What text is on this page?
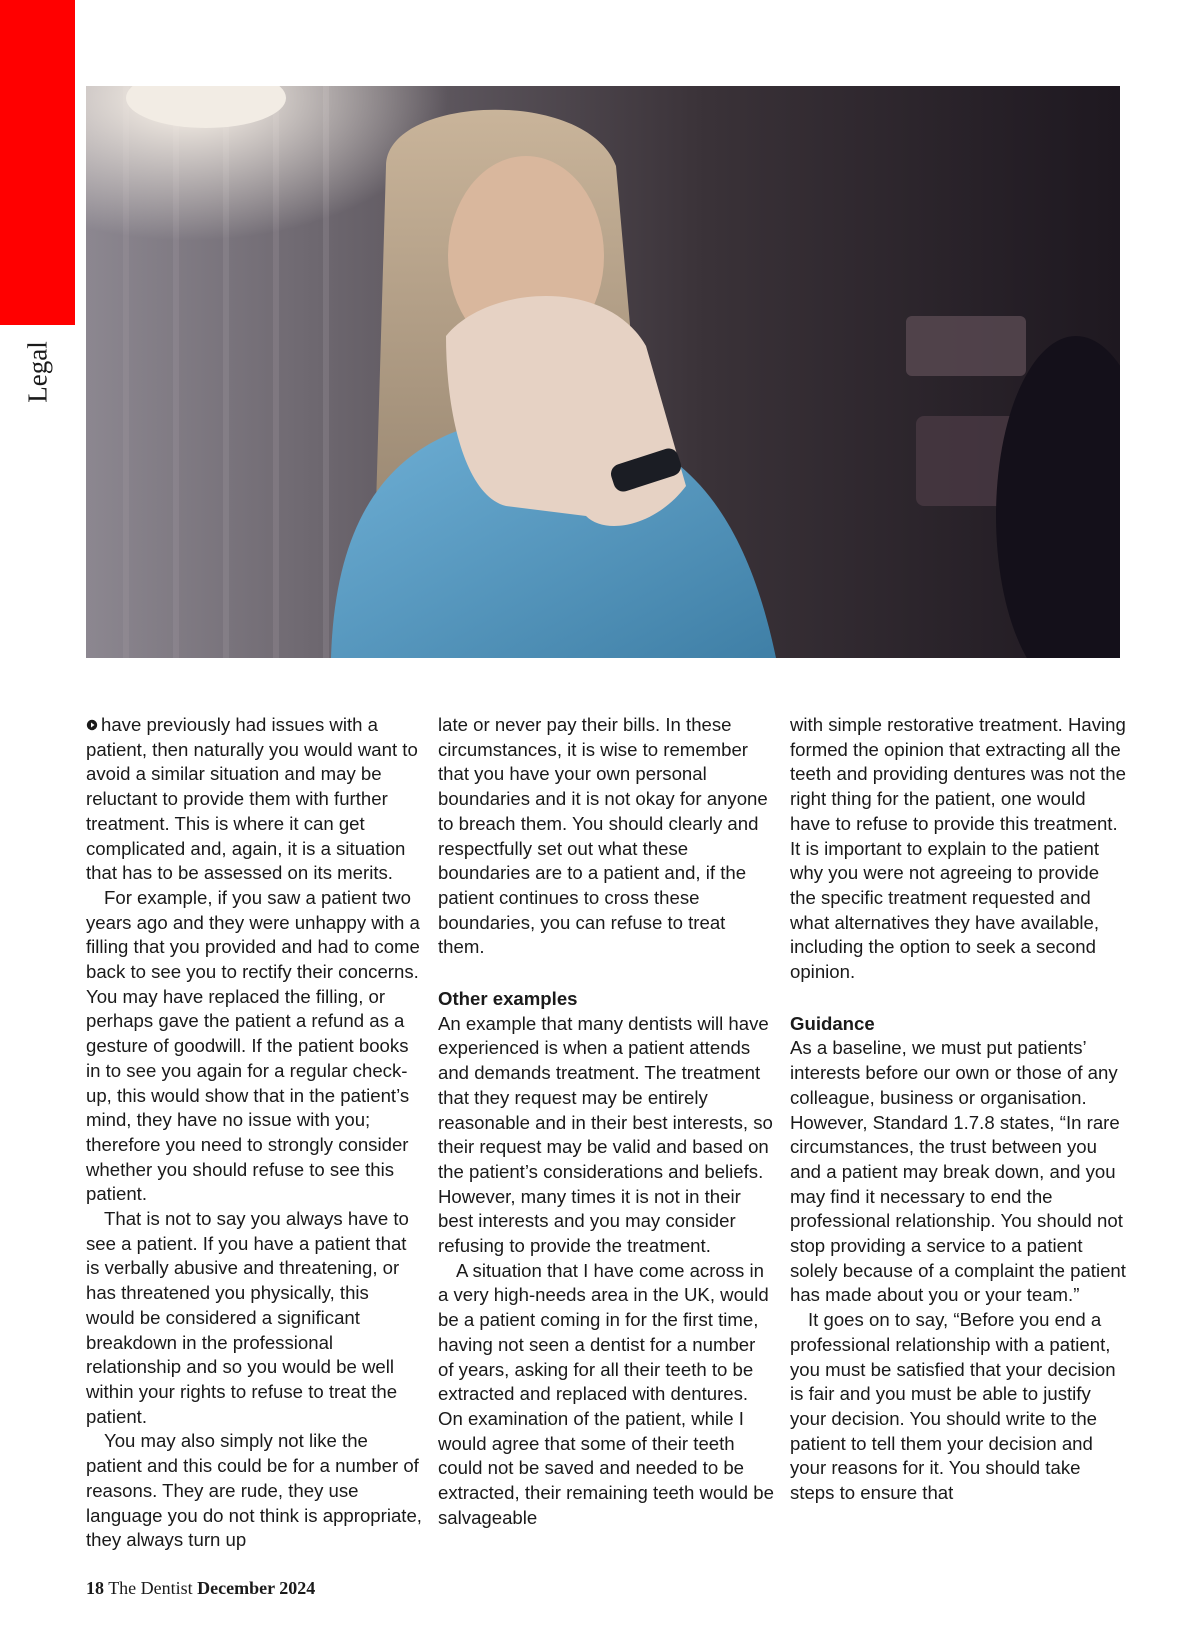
Legal

have previously had issues with a patient, then naturally you would want to avoid a similar situation and may be reluctant to provide them with further treatment. This is where it can get complicated and, again, it is a situation that has to be assessed on its merits.

For example, if you saw a patient two years ago and they were unhappy with a filling that you provided and had to come back to see you to rectify their concerns. You may have replaced the filling, or perhaps gave the patient a refund as a gesture of goodwill. If the patient books in to see you again for a regular check-up, this would show that in the patient’s mind, they have no issue with you; therefore you need to strongly consider whether you should refuse to see this patient.

That is not to say you always have to see a patient. If you have a patient that is verbally abusive and threatening, or has threatened you physically, this would be considered a significant breakdown in the professional relationship and so you would be well within your rights to refuse to treat the patient.

You may also simply not like the patient and this could be for a number of reasons. They are rude, they use language you do not think is appropriate, they always turn up

late or never pay their bills. In these circumstances, it is wise to remember that you have your own personal boundaries and it is not okay for anyone to breach them. You should clearly and respectfully set out what these boundaries are to a patient and, if the patient continues to cross these boundaries, you can refuse to treat them.

Other examples

An example that many dentists will have experienced is when a patient attends and demands treatment. The treatment that they request may be entirely reasonable and in their best interests, so their request may be valid and based on the patient’s considerations and beliefs. However, many times it is not in their best interests and you may consider refusing to provide the treatment.

A situation that I have come across in a very high-needs area in the UK, would be a patient coming in for the first time, having not seen a dentist for a number of years, asking for all their teeth to be extracted and replaced with dentures. On examination of the patient, while I would agree that some of their teeth could not be saved and needed to be extracted, their remaining teeth would be salvageable

with simple restorative treatment. Having formed the opinion that extracting all the teeth and providing dentures was not the right thing for the patient, one would have to refuse to provide this treatment. It is important to explain to the patient why you were not agreeing to provide the specific treatment requested and what alternatives they have available, including the option to seek a second opinion.

Guidance

As a baseline, we must put patients’ interests before our own or those of any colleague, business or organisation. However, Standard 1.7.8 states, “In rare circumstances, the trust between you and a patient may break down, and you may find it necessary to end the professional relationship. You should not stop providing a service to a patient solely because of a complaint the patient has made about you or your team.”

It goes on to say, “Before you end a professional relationship with a patient, you must be satisfied that your decision is fair and you must be able to justify your decision. You should write to the patient to tell them your decision and your reasons for it. You should take steps to ensure that

18 The Dentist December 2024
